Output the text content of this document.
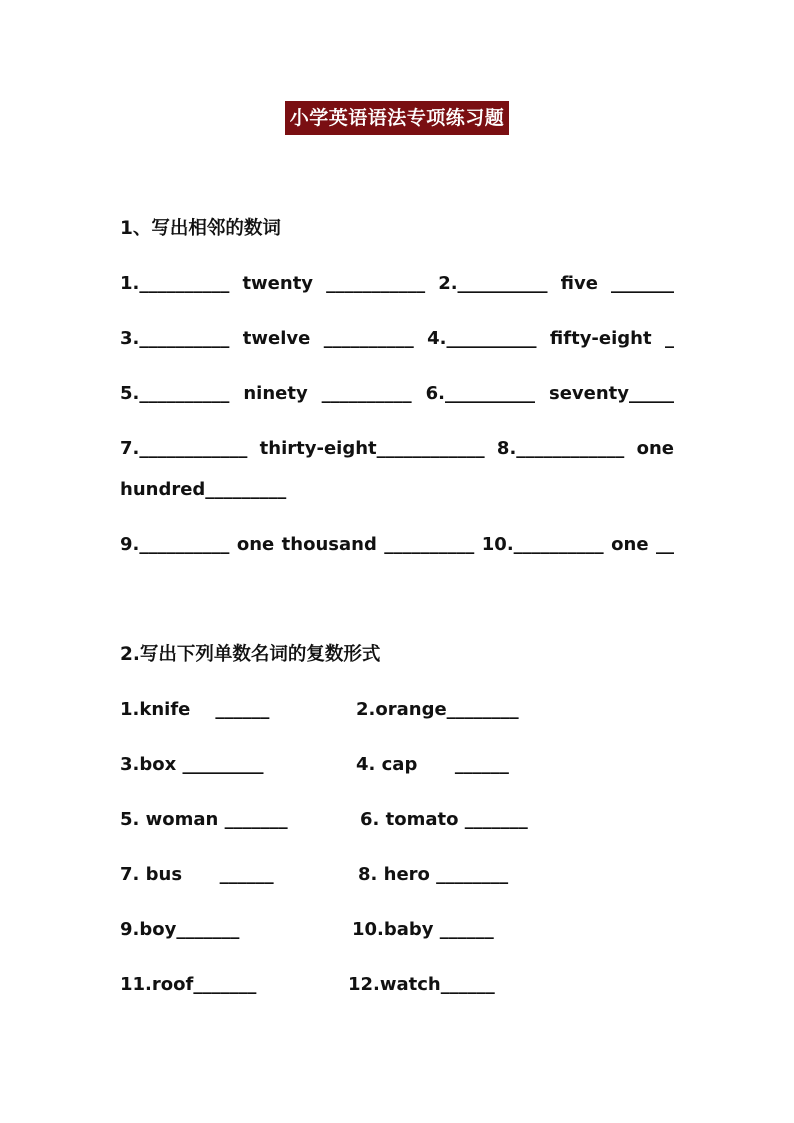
小学英语语法专项练习题
1、写出相邻的数词
1.__________ twenty ___________ 2.__________ five _______
3.__________ twelve __________ 4.__________ fifty-eight _
5.__________ ninety __________ 6.__________ seventy_____
7.____________ thirty-eight____________ 8.____________ one
hundred_________
9.__________ one thousand __________ 10.__________ one __
2.写出下列单数名词的复数形式
1.knife    ______	2.orange________
3.box _________	4. cap      ______
5. woman _______	6. tomato _______
7. bus      ______	8. hero ________
9.boy_______	10.baby ______
11.roof_______	12.watch______
